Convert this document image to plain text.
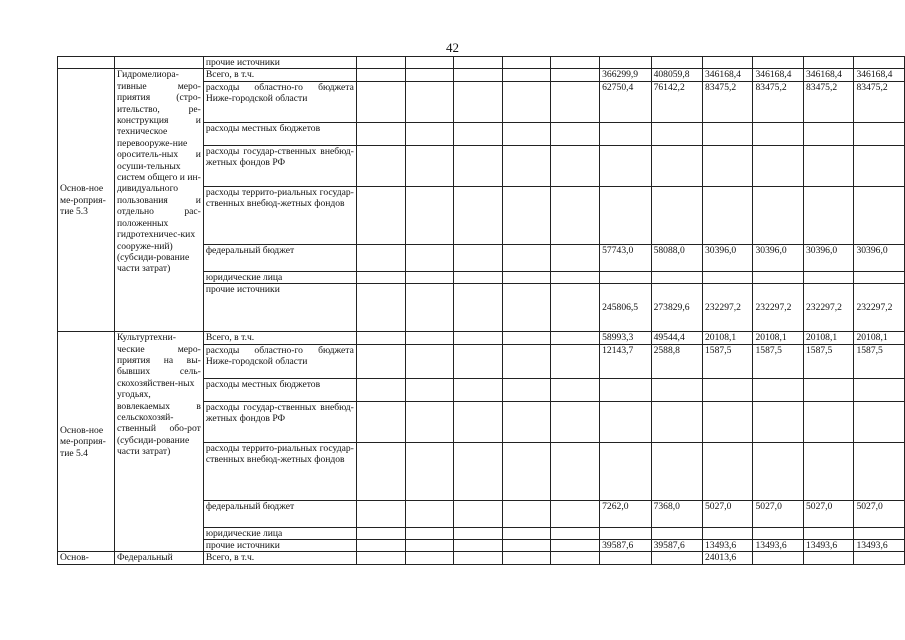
42
		прочие источники											
Основ-ное ме-роприя-тие 5.3	Гидромелиора-тивные меро-приятия (стро-ительство, ре-конструкция и техническое перевооруже-ние ороситель-ных и осуши-тельных систем общего и ин-дивидуального пользования и отдельно рас-положенных гидротехничес-ких сооруже-ний) (субсиди-рование части затрат)	Всего, в т.ч.						366299,9	408059,8	346168,4	346168,4	346168,4	346168,4
		расходы областно-го бюджета Ниже-городской области						62750,4	76142,2	83475,2	83475,2	83475,2	83475,2
		расходы местных бюджетов											
		расходы государ-ственных внебюд-жетных фондов РФ											
		расходы террито-риальных государ-ственных внебюд-жетных фондов											
		федеральный бюджет						57743,0	58088,0	30396,0	30396,0	30396,0	30396,0
		юридические лица											
		прочие источники						245806,5	273829,6	232297,2	232297,2	232297,2	232297,2
Основ-ное ме-роприя-тие 5.4	Культуртехни-ческие меро-приятия на вы-бывших сель-скохозяйствен-ных угодьях, вовлекаемых в сельскохозяй-ственный обо-рот (субсиди-рование части затрат)	Всего, в т.ч.						58993,3	49544,4	20108,1	20108,1	20108,1	20108,1
		расходы областно-го бюджета Ниже-городской области						12143,7	2588,8	1587,5	1587,5	1587,5	1587,5
		расходы местных бюджетов											
		расходы государ-ственных внебюд-жетных фондов РФ											
		расходы террито-риальных государ-ственных внебюд-жетных фондов											
		федеральный бюджет						7262,0	7368,0	5027,0	5027,0	5027,0	5027,0
		юридические лица											
		прочие источники						39587,6	39587,6	13493,6	13493,6	13493,6	13493,6
Основ-	Федеральный	Всего, в т.ч.								24013,6			
